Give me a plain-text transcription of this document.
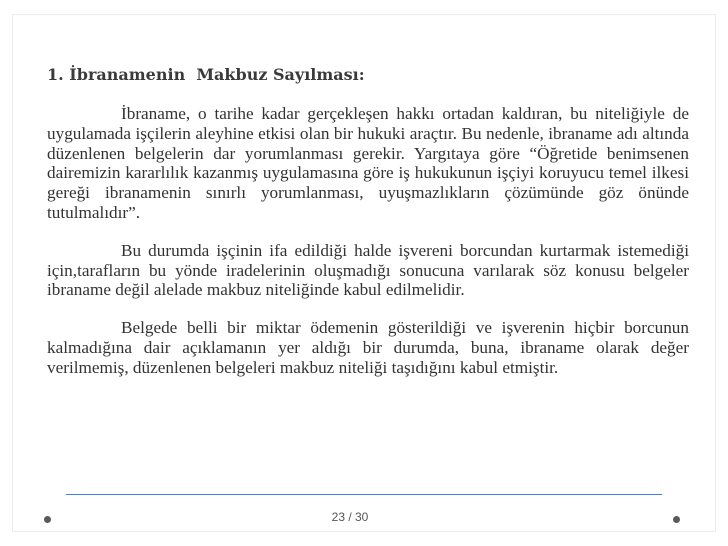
1. İbranamenin  Makbuz Sayılması:

İbraname, o tarihe kadar gerçekleşen hakkı ortadan kaldıran, bu niteliğiyle de uygulamada işçilerin aleyhine etkisi olan bir hukuki araçtır. Bu nedenle, ibraname adı altında düzenlenen belgelerin dar yorumlanması gerekir. Yargıtaya göre “Öğretide benimsenen dairemizin kararlılık kazanmış uygulamasına göre iş hukukunun işçiyi koruyucu temel ilkesi gereği ibranamenin sınırlı yorumlanması, uyuşmazlıkların çözümünde göz önünde tutulmalıdır”.

Bu durumda işçinin ifa edildiği halde işvereni borcundan kurtarmak istemediği için,tarafların bu yönde iradelerinin oluşmadığı sonucuna varılarak söz konusu belgeler ibraname değil alelade makbuz niteliğinde kabul edilmelidir.

Belgede belli bir miktar ödemenin gösterildiği ve işverenin hiçbir borcunun kalmadığına dair açıklamanın yer aldığı bir durumda, buna, ibraname olarak değer verilmemiş, düzenlenen belgeleri makbuz niteliği taşıdığını kabul etmiştir.

23 / 30
